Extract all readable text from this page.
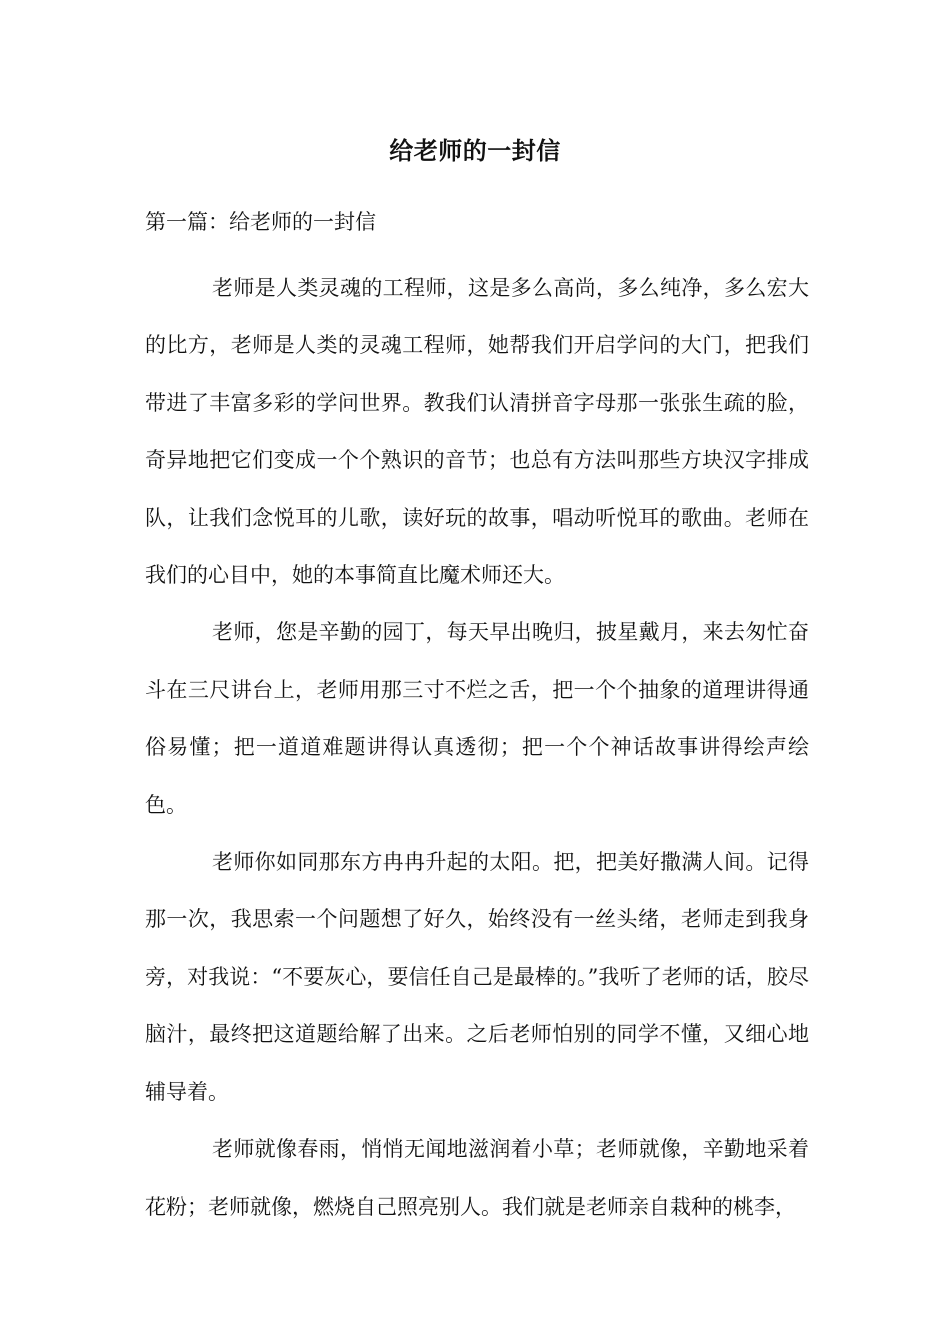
给老师的一封信
第一篇：给老师的一封信

老师是人类灵魂的工程师，这是多么高尚，多么纯净，多么宏大的比方，老师是人类的灵魂工程师，她帮我们开启学问的大门，把我们带进了丰富多彩的学问世界。教我们认清拼音字母那一张张生疏的脸，奇异地把它们变成一个个熟识的音节；也总有方法叫那些方块汉字排成队，让我们念悦耳的儿歌，读好玩的故事，唱动听悦耳的歌曲。老师在我们的心目中，她的本事简直比魔术师还大。

老师，您是辛勤的园丁，每天早出晚归，披星戴月，来去匆忙奋斗在三尺讲台上，老师用那三寸不烂之舌，把一个个抽象的道理讲得通俗易懂；把一道道难题讲得认真透彻；把一个个神话故事讲得绘声绘色。

老师你如同那东方冉冉升起的太阳。把，把美好撒满人间。记得那一次，我思索一个问题想了好久，始终没有一丝头绪，老师走到我身旁，对我说：“不要灰心，要信任自己是最棒的。”我听了老师的话，胶尽脑汁，最终把这道题给解了出来。之后老师怕别的同学不懂，又细心地辅导着。

老师就像春雨，悄悄无闻地滋润着小草；老师就像，辛勤地采着花粉；老师就像，燃烧自己照亮别人。我们就是老师亲自栽种的桃李，
